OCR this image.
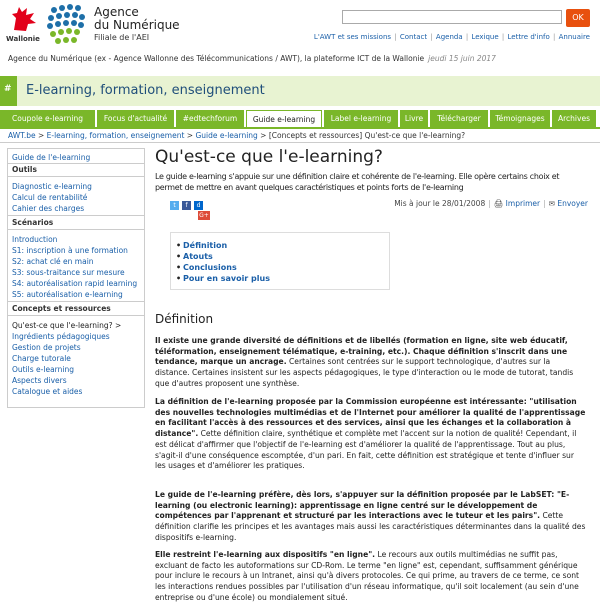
Wallonie
Agence
du Numérique
Filiale de l'AEI
OK
L'AWT et ses missions | Contact | Agenda | Lexique | Lettre d'info | Annuaire
Agence du Numérique (ex - Agence Wallonne des Télécommunications / AWT), la plateforme ICT de la Wallonie jeudi 15 juin 2017
# E-learning, formation, enseignement
Coupole e-learning	Focus d'actualité	#edtechforum	Guide e-learning	Label e-learning	Livre	Télécharger	Témoignages	Archives
AWT.be > E-learning, formation, enseignement > Guide e-learning > [Concepts et ressources] Qu'est-ce que l'e-learning?
Guide de l'e-learning
Outils
Diagnostic e-learning
Calcul de rentabilité
Cahier des charges
Scénarios
Introduction
S1: inscription à une formation
S2: achat clé en main
S3: sous-traitance sur mesure
S4: autoréalisation rapid learning
S5: autoréalisation e-learning
Concepts et ressources
Qu'est-ce que l'e-learning? >
Ingrédients pédagogiques
Gestion de projets
Charge tutorale
Outils e-learning
Aspects divers
Catalogue et aides
Qu'est-ce que l'e-learning?
Le guide e-learning s'appuie sur une définition claire et cohérente de l'e-learning. Elle opère certains choix et permet de mettre en avant quelques caractéristiques et points forts de l'e-learning
t f d
G+
Mis à jour le 28/01/2008 | 🖨 Imprimer | ✉ Envoyer
• Définition
• Atouts
• Conclusions
• Pour en savoir plus
Définition
Il existe une grande diversité de définitions et de libellés (formation en ligne, site web éducatif, téléformation, enseignement télématique, e-training, etc.). Chaque définition s'inscrit dans une tendance, marque un ancrage. Certaines sont centrées sur le support technologique, d'autres sur la distance. Certaines insistent sur les aspects pédagogiques, le type d'interaction ou le mode de tutorat, tandis que d'autres proposent une synthèse.
La définition de l'e-learning proposée par la Commission européenne est intéressante: "utilisation des nouvelles technologies multimédias et de l'Internet pour améliorer la qualité de l'apprentissage en facilitant l'accès à des ressources et des services, ainsi que les échanges et la collaboration à distance". Cette définition claire, synthétique et complète met l'accent sur la notion de qualité! Cependant, il est délicat d'affirmer que l'objectif de l'e-learning est d'améliorer la qualité de l'apprentissage. Tout au plus, s'agit-il d'une conséquence escomptée, d'un pari. En fait, cette définition est stratégique et tente d'influer sur les usages et d'améliorer les pratiques.
Le guide de l'e-learning préfère, dès lors, s'appuyer sur la définition proposée par le LabSET: "E-learning (ou electronic learning): apprentissage en ligne centré sur le développement de compétences par l'apprenant et structuré par les interactions avec le tuteur et les pairs". Cette définition clarifie les principes et les avantages mais aussi les caractéristiques déterminantes dans la qualité des dispositifs e-learning.
Elle restreint l'e-learning aux dispositifs "en ligne". Le recours aux outils multimédias ne suffit pas, excluant de facto les autoformations sur CD-Rom. Le terme "en ligne" est, cependant, suffisamment générique pour inclure le recours à un Intranet, ainsi qu'à divers protocoles. Ce qui prime, au travers de ce terme, ce sont les interactions rendues possibles par l'utilisation d'un réseau informatique, qu'il soit localement (au sein d'une entreprise ou d'une école) ou mondialement situé.
